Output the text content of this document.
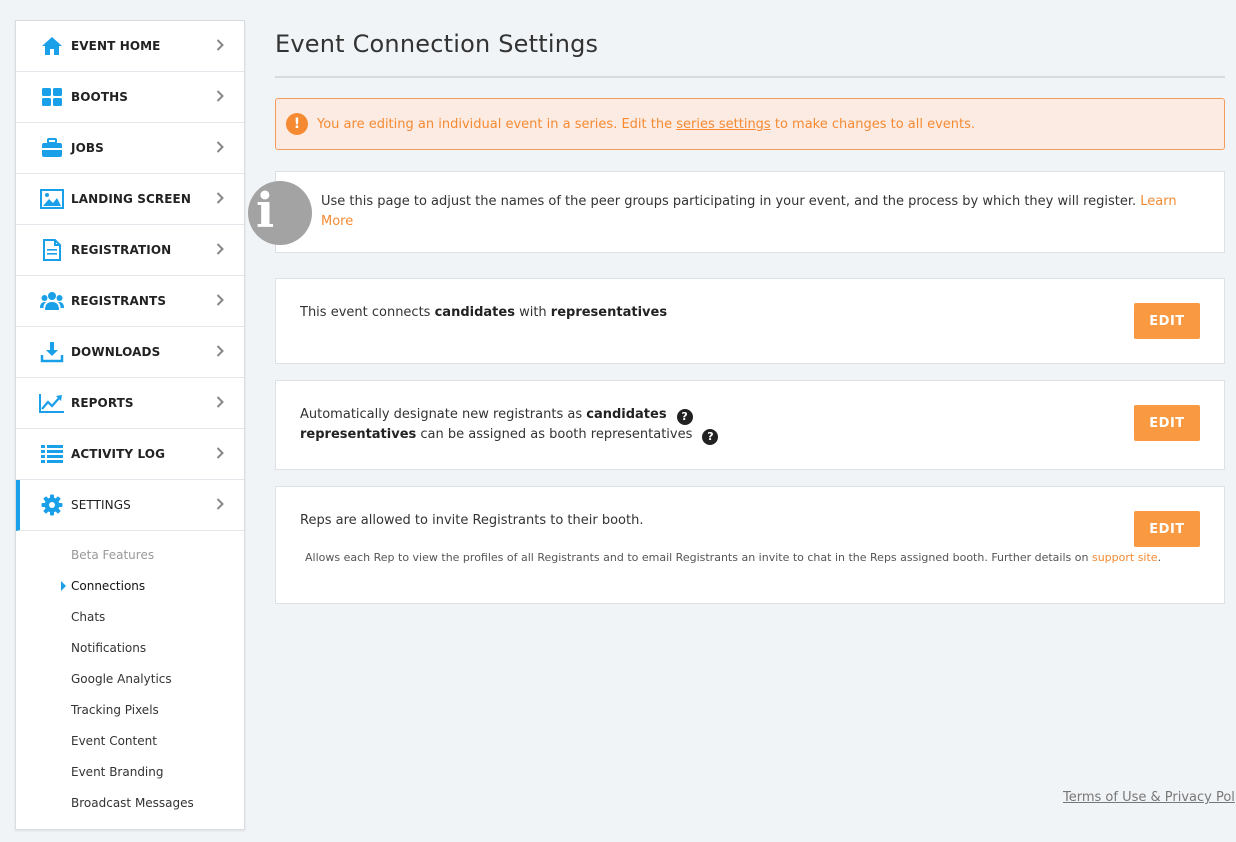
EVENT HOME
BOOTHS
JOBS
LANDING SCREEN
REGISTRATION
REGISTRANTS
DOWNLOADS
REPORTS
ACTIVITY LOG
SETTINGS
Beta Features
Connections
Chats
Notifications
Google Analytics
Tracking Pixels
Event Content
Event Branding
Broadcast Messages
Event Connection Settings
!	You are editing an individual event in a series. Edit the series settings to make changes to all events.
i	Use this page to adjust the names of the peer groups participating in your event, and the process by which they will register. Learn More
This event connects candidates with representatives
EDIT
Automatically designate new registrants as candidates ?
representatives can be assigned as booth representatives ?
EDIT
Reps are allowed to invite Registrants to their booth.
Allows each Rep to view the profiles of all Registrants and to email Registrants an invite to chat in the Reps assigned booth. Further details on support site.
EDIT
Terms of Use & Privacy Pol
